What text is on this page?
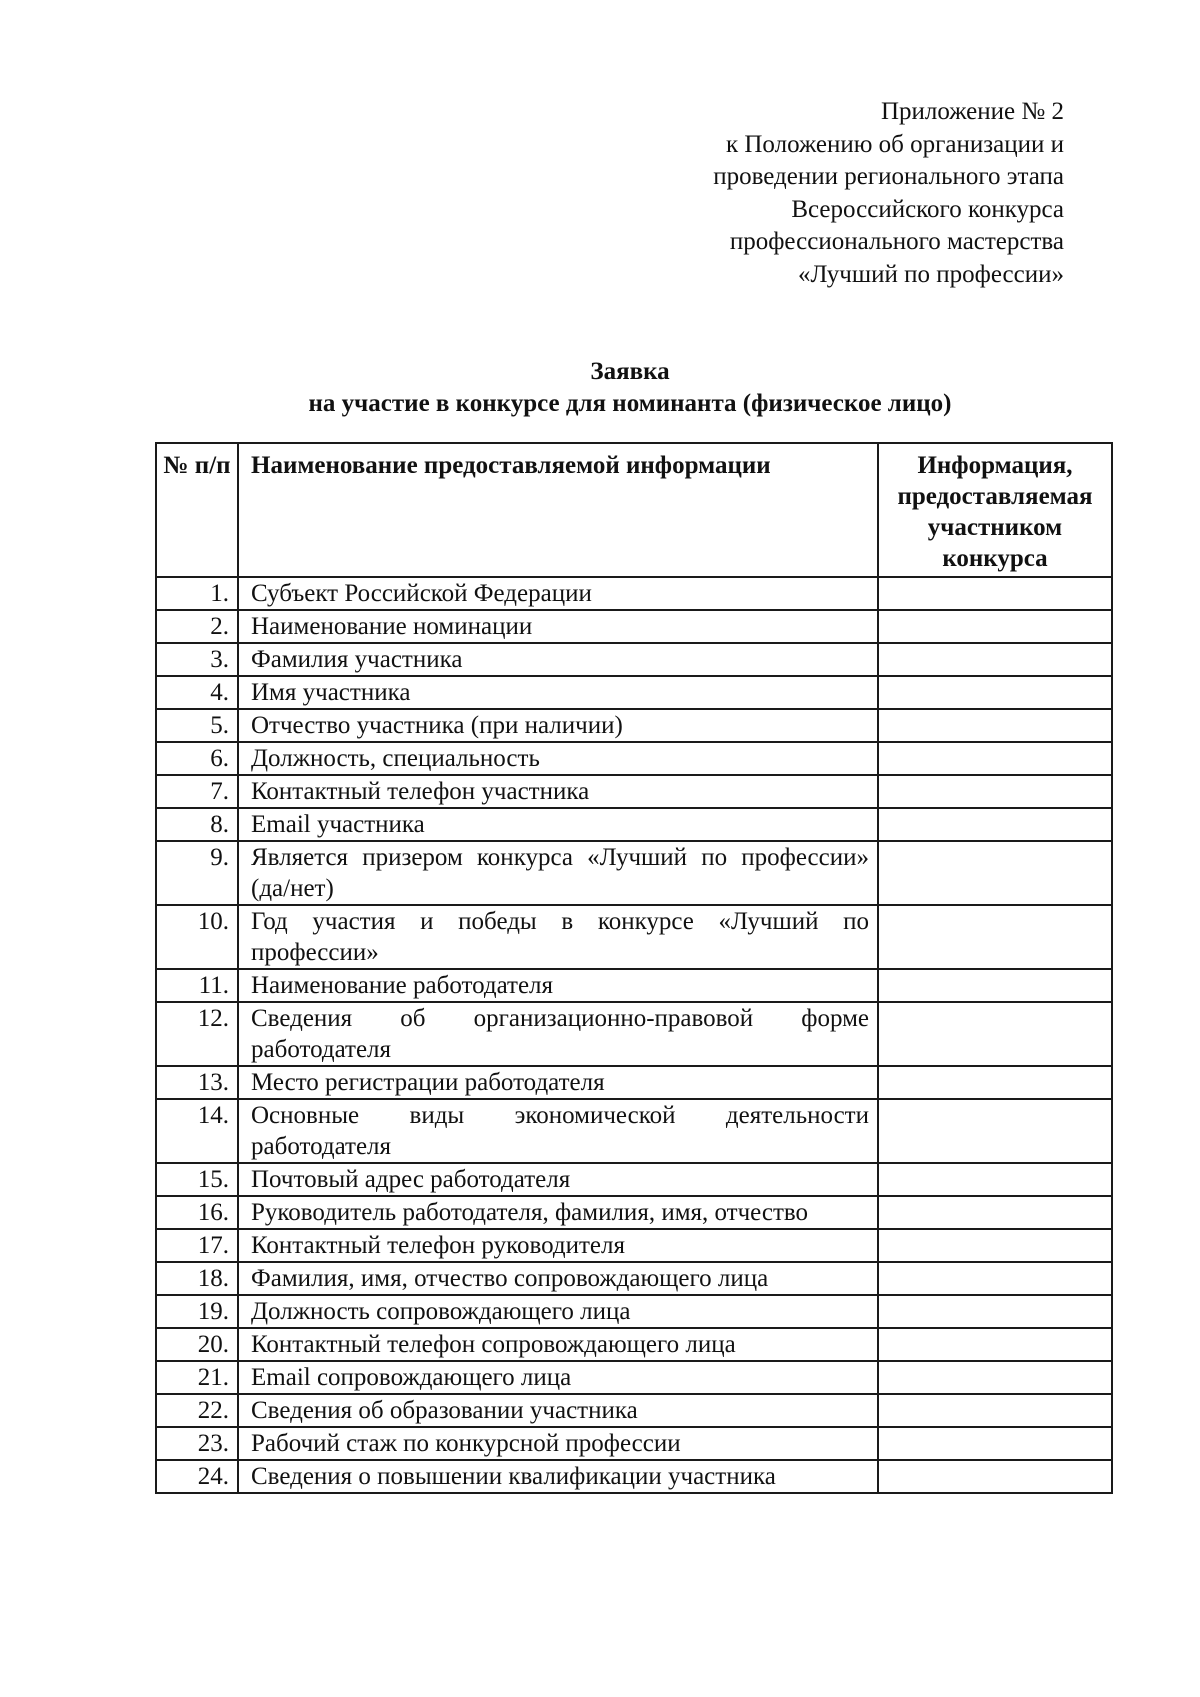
Приложение № 2
к Положению об организации и
проведении регионального этапа
Всероссийского конкурса
профессионального мастерства
«Лучший по профессии»
Заявка
на участие в конкурсе для номинанта (физическое лицо)
№ п/п	Наименование предоставляемой информации	Информация, предоставляемая участником конкурса
1.	Субъект Российской Федерации	
2.	Наименование номинации	
3.	Фамилия участника	
4.	Имя участника	
5.	Отчество участника (при наличии)	
6.	Должность, специальность	
7.	Контактный телефон участника	
8.	Email участника	
9.	Является призером конкурса «Лучший по профессии» (да/нет)	
10.	Год участия и победы в конкурсе «Лучший по профессии»	
11.	Наименование работодателя	
12.	Сведения об организационно-правовой форме работодателя	
13.	Место регистрации работодателя	
14.	Основные виды экономической деятельности работодателя	
15.	Почтовый адрес работодателя	
16.	Руководитель работодателя, фамилия, имя, отчество	
17.	Контактный телефон руководителя	
18.	Фамилия, имя, отчество сопровождающего лица	
19.	Должность сопровождающего лица	
20.	Контактный телефон сопровождающего лица	
21.	Email сопровождающего лица	
22.	Сведения об образовании участника	
23.	Рабочий стаж по конкурсной профессии	
24.	Сведения о повышении квалификации участника	
